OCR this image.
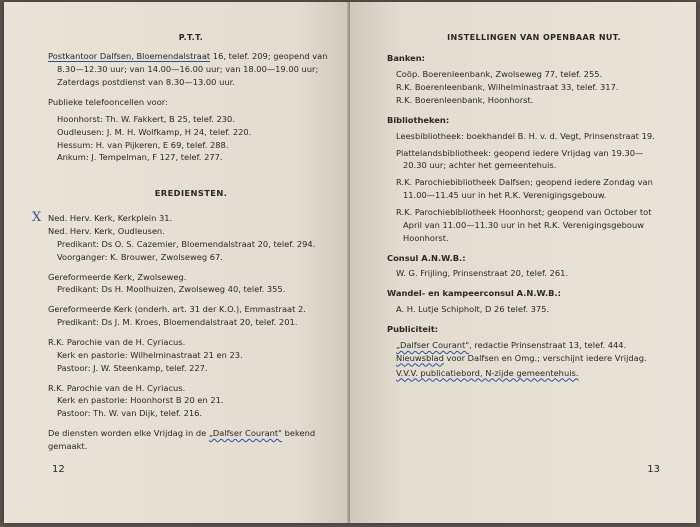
P.T.T.
Postkantoor Dalfsen, Bloemendalstraat 16, telef. 209; geopend van
8.30—12.30 uur; van 14.00—16.00 uur; van 18.00—19.00 uur;
Zaterdags postdienst van 8.30—13.00 uur.
Publieke telefooncellen voor:
Hoonhorst: Th. W. Fakkert, B 25, telef. 230.
Oudleusen: J. M. H. Wolfkamp, H 24, telef. 220.
Hessum: H. van Pijkeren, E 69, telef. 288.
Ankum: J. Tempelman, F 127, telef. 277.
EREDIENSTEN.
X Ned. Herv. Kerk, Kerkplein 31.
Ned. Herv. Kerk, Oudleusen.
Predikant: Ds O. S. Cazemier, Bloemendalstraat 20, telef. 294.
Voorganger: K. Brouwer, Zwolseweg 67.
Gereformeerde Kerk, Zwolseweg.
Predikant: Ds H. Moolhuizen, Zwolseweg 40, telef. 355.
Gereformeerde Kerk (onderh. art. 31 der K.O.), Emmastraat 2.
Predikant: Ds J. M. Kroes, Bloemendalstraat 20, telef. 201.
R.K. Parochie van de H. Cyriacus.
Kerk en pastorie: Wilhelminastraat 21 en 23.
Pastoor: J. W. Steenkamp, telef. 227.
R.K. Parochie van de H. Cyriacus.
Kerk en pastorie: Hoonhorst B 20 en 21.
Pastoor: Th. W. van Dijk, telef. 216.
De diensten worden elke Vrijdag in de „Dalfser Courant" bekend
gemaakt.
12
INSTELLINGEN VAN OPENBAAR NUT.
Banken:
Coöp. Boerenleenbank, Zwolseweg 77, telef. 255.
R.K. Boerenleenbank, Wilhelminastraat 33, telef. 317.
R.K. Boerenleenbank, Hoonhorst.
Bibliotheken:
Leesbibliotheek: boekhandel B. H. v. d. Vegt, Prinsenstraat 19.
Plattelandsbibliotheek: geopend iedere Vrijdag van 19.30—
20.30 uur; achter het gemeentehuis.
R.K. Parochiebibliotheek Dalfsen; geopend iedere Zondag van
11.00—11.45 uur in het R.K. Verenigingsgebouw.
R.K. Parochiebibliotheek Hoonhorst; geopend van October tot
April van 11.00—11.30 uur in het R.K. Verenigingsgebouw
Hoonhorst.
Consul A.N.W.B.:
W. G. Frijling, Prinsenstraat 20, telef. 261.
Wandel- en kampeerconsul A.N.W.B.:
A. H. Lutje Schipholt, D 26 telef. 375.
Publiciteit:
„Dalfser Courant", redactie Prinsenstraat 13, telef. 444.
Nieuwsblad voor Dalfsen en Omg.; verschijnt iedere Vrijdag.
V.V.V. publicatiebord, N-zijde gemeentehuis.
13
